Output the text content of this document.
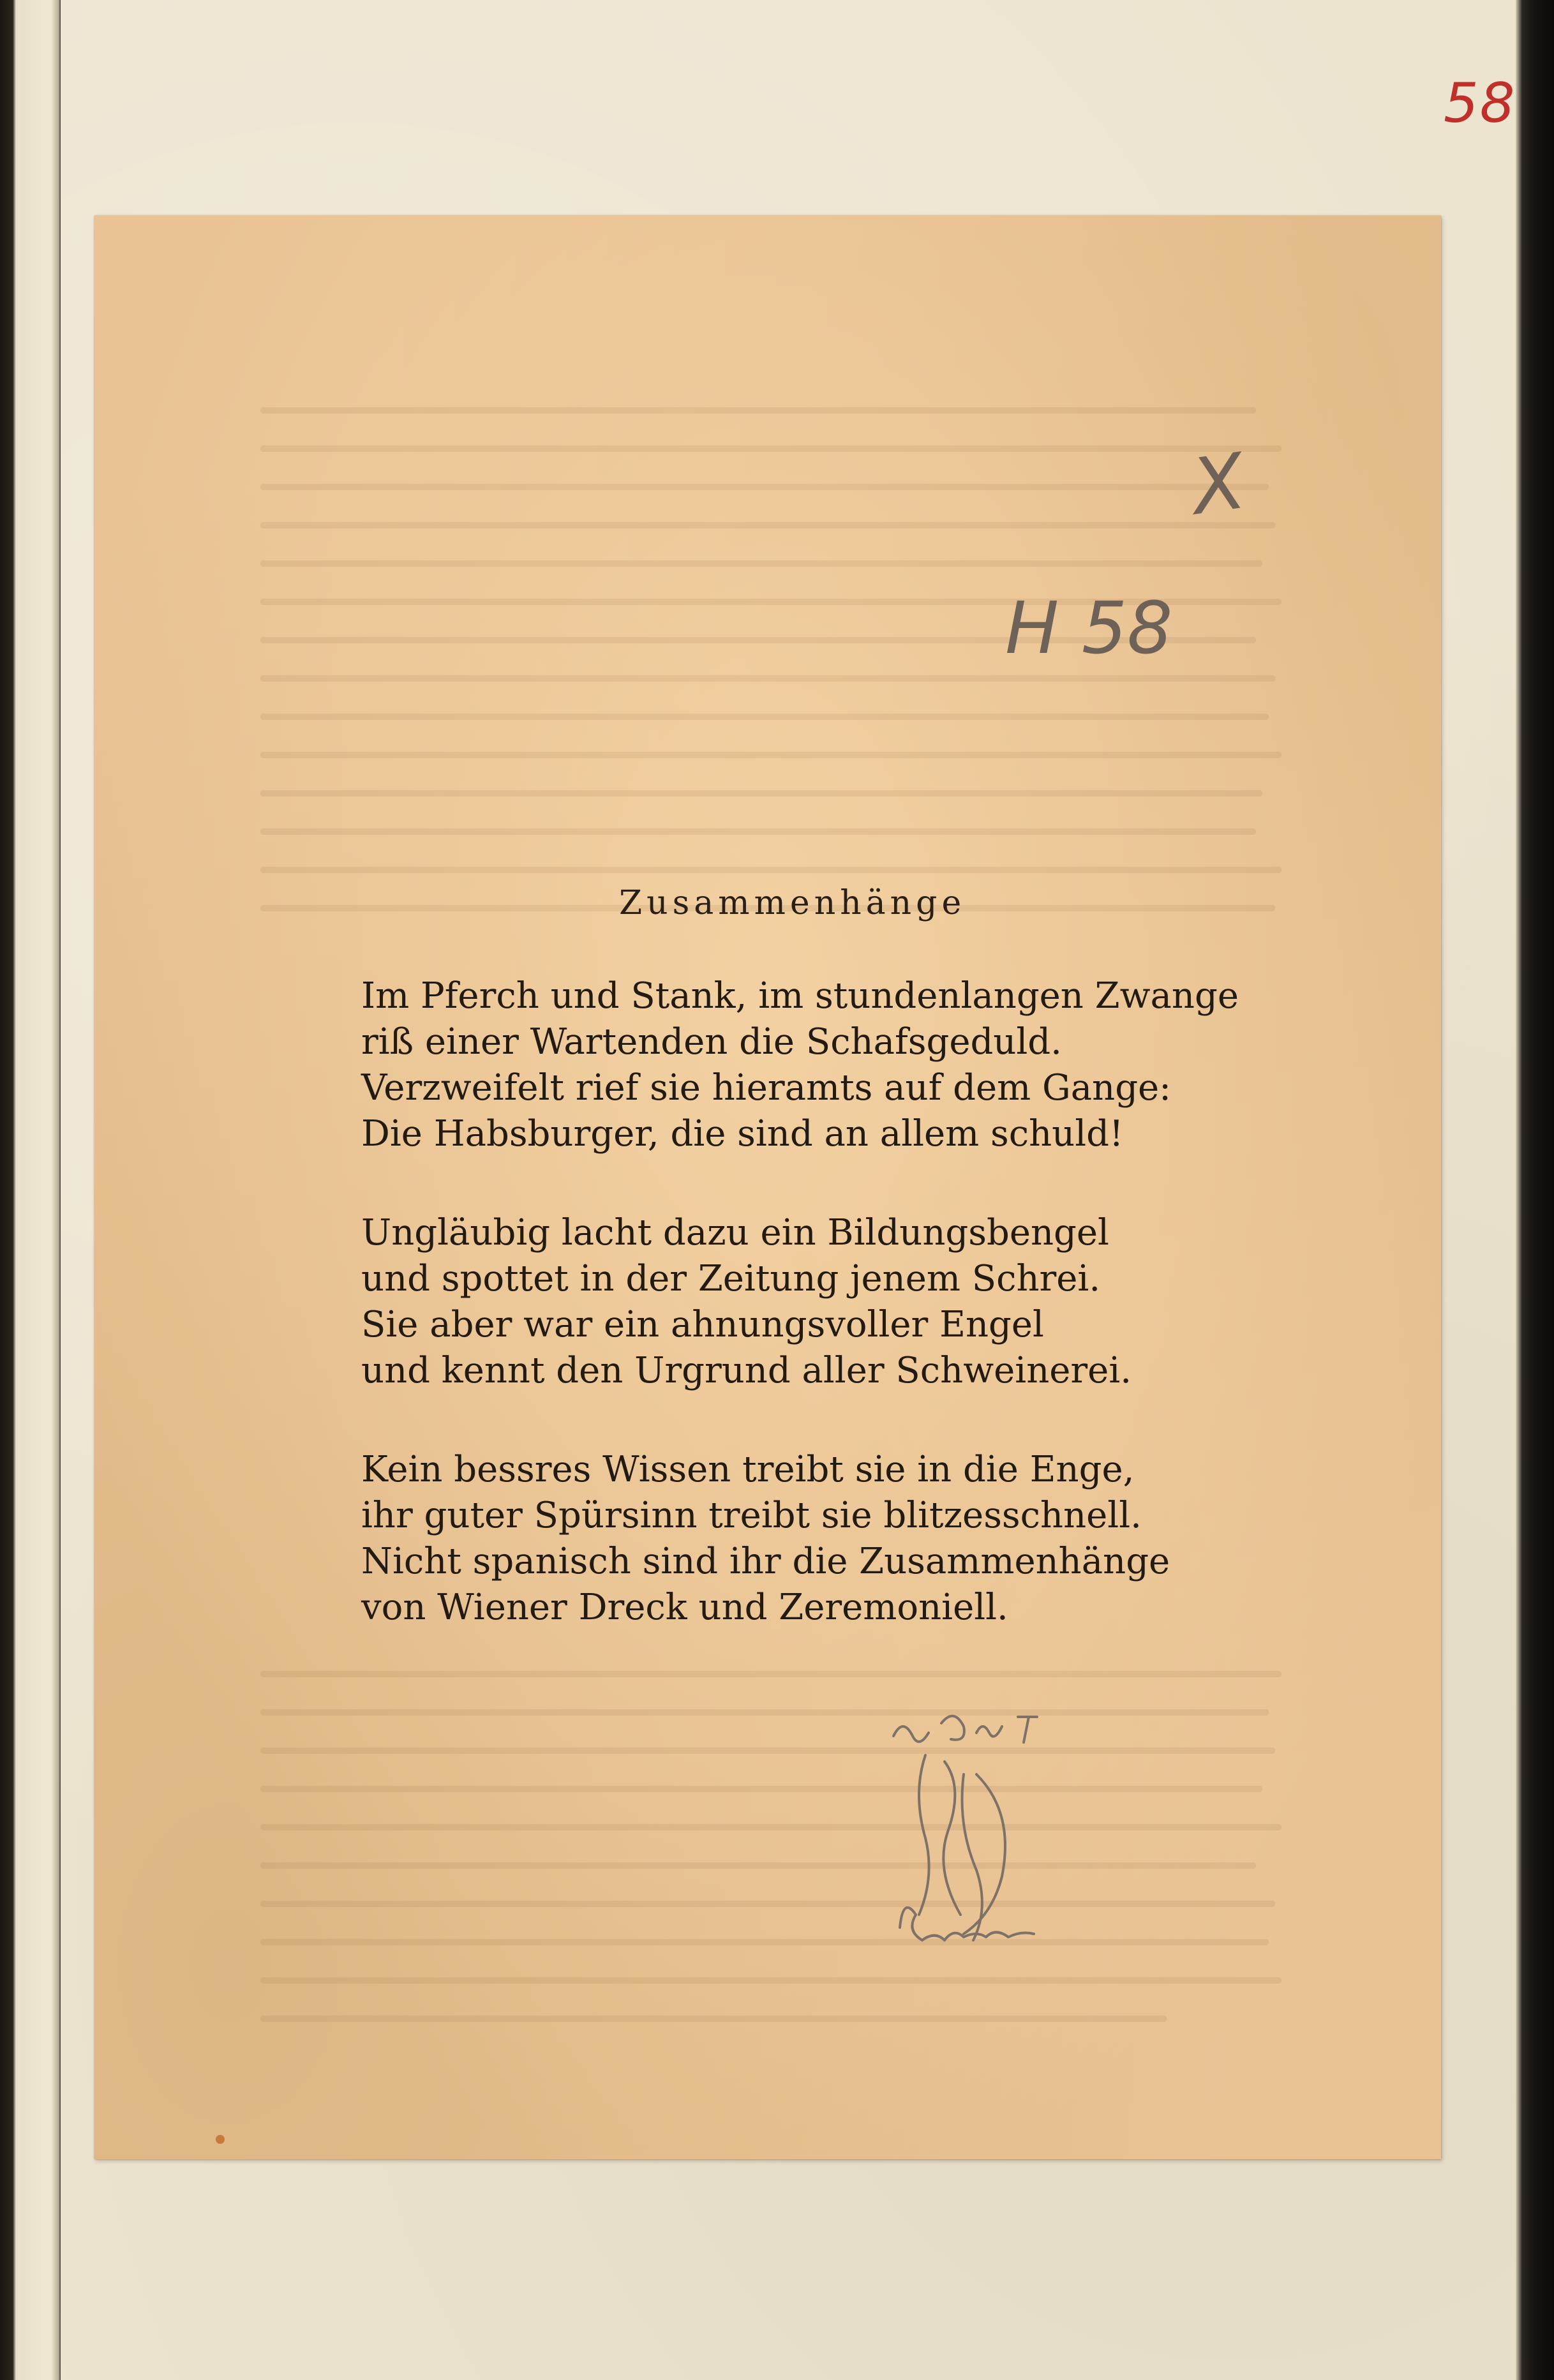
58
X
H 58
Zusammenhänge
Im Pferch und Stank, im stundenlangen Zwange
riß einer Wartenden die Schafsgeduld.
Verzweifelt rief sie hieramts auf dem Gange:
Die Habsburger, die sind an allem schuld!
Ungläubig lacht dazu ein Bildungsbengel
und spottet in der Zeitung jenem Schrei.
Sie aber war ein ahnungsvoller Engel
und kennt den Urgrund aller Schweinerei.
Kein bessres Wissen treibt sie in die Enge,
ihr guter Spürsinn treibt sie blitzesschnell.
Nicht spanisch sind ihr die Zusammenhänge
von Wiener Dreck und Zeremoniell.
